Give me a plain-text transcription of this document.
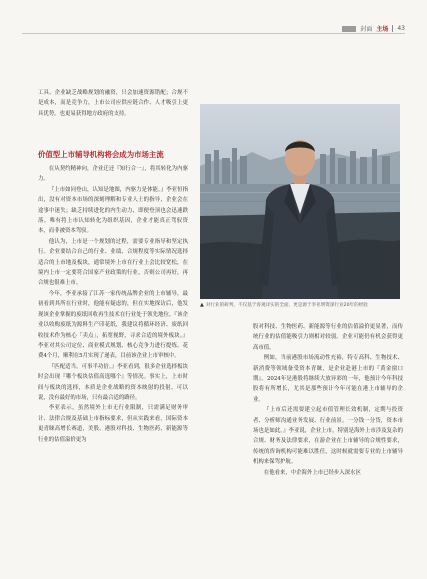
封面 主场 43

工具、企业缺乏战略规划的融资，只会加速资源错配；合规不是成本，而是竞争力，上市公司应供应链合作、人才吸引上更具优势，也更易获得地方政府的支持。

价值型上市辅导机构将会成为市场主流

在从契约精神向，企业迁还『知行合一』，将其转化为内驱力。

『上市如同登山，认知是地图，内驱力是体能。』李亚恒指出，没有对资本市场的深刻理解和专业人士的指导，企业会在途事中迷失；缺乏持续进化的内生动力，即便登顶也会迅速跌落。唯有将上市认知转化为组织基因，企业才能真正驾驭资本，而非被资本驾驭。

他认为，上市是一个规划的过程，需要专业指导和坚定执行。企业要结合自己的行业、业绩、合规程度等实际情况选择适合的上市地及板块，通常境外上市在行业上会比较宽松，在境内上市一定要符合国家产业政策的行业，否则公司再好，再合规也很难上市。

今年，李亚承接了江苏一家传统品牌企业的上市辅导，最初看到其所在行业时，他能有疑虑的，但在实地探访后，他发现该企业掌握的废纸回收再生技术在行业处于领先地位。『该企业以收购废纸为源料生产印花纸，我建议将循环经济、废纸回收技术作为核心「卖点」，拓宽视野，寻求合适的境外板块。』李亚对其公司定位、商业模式规划、核心竞争力进行提炼。花费4个月，顺利在5月实现了递表，目前该企业上市审核中。

『匹配适当，可事半功倍。』李亚看到，很多企业选择板块时会出现『哪个板块估值高选哪个』等情况。事实上，上市时间与板块的选择，本质是企业战略的资本映射的投射。可以说，没有最好的市场，只有最合适的路径。

李亚表示，虽然境外上市无行业限制，只需满足财务审计、法律合规及基础上市指标要求，但从实践来看，国际资本更青睐高增长赛道，美股、港股对科技、生物医药、新能源等行业的估值溢价更为

▲ 对行业的研判，不仅基于客观详实的全面，更是源于李亚明资深行业20年的经验

股对科技、生物医药、新能源等行业的估值溢价更显著，而传统行业的估值能吸引力则相对较弱。企业可能仍有机会获得更高市值。

例如，当前港股市场流动性充裕，特专高科、生物技术、新消费等领域备受资本青睐，是企业赴港上市的『黄金窗口期』。2024年是港股将继续大放异彩的一年，他预计今年科技股将有所增长，尤其是那些预计今年可能在港上市辅导的企业。

『上市后还需要建立起市值管理长效机制，定期与投资者、分析师沟通业务发展、行业前景。一分钱一分货，资本市场也是如此。』李亚说，企业上市，特别是海外上市涉及复杂的合规、财务及法律要求，在游企业在上市辅导的合规性要求，传统的咨询机构可能难以胜任，这时候就需要专业的上市辅导机构来保驾护航。

在他看来，中企海外上市已经步入深水区
